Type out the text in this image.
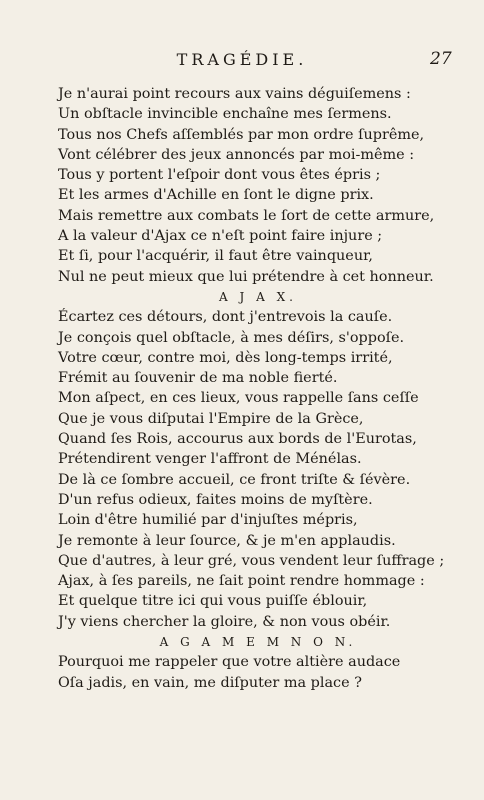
TRAGÉDIE.	27
Je n'aurai point recours aux vains déguiſemens :
Un obſtacle invincible enchaîne mes ſermens.
Tous nos Chefs aſſemblés par mon ordre ſuprême,
Vont célébrer des jeux annoncés par moi-même :
Tous y portent l'eſpoir dont vous êtes épris ;
Et les armes d'Achille en ſont le digne prix.
Mais remettre aux combats le ſort de cette armure,
A la valeur d'Ajax ce n'eſt point faire injure ;
Et ſi, pour l'acquérir, il faut être vainqueur,
Nul ne peut mieux que lui prétendre à cet honneur.
A J A X.
Écartez ces détours, dont j'entrevois la cauſe.
Je conçois quel obſtacle, à mes déſirs, s'oppoſe.
Votre cœur, contre moi, dès long-temps irrité,
Frémit au ſouvenir de ma noble fierté.
Mon aſpect, en ces lieux, vous rappelle ſans ceſſe
Que je vous diſputai l'Empire de la Grèce,
Quand ſes Rois, accourus aux bords de l'Eurotas,
Prétendirent venger l'affront de Ménélas.
De là ce ſombre accueil, ce front triſte & ſévère.
D'un refus odieux, faites moins de myſtère.
Loin d'être humilié par d'injuſtes mépris,
Je remonte à leur ſource, & je m'en applaudis.
Que d'autres, à leur gré, vous vendent leur ſuffrage ;
Ajax, à ſes pareils, ne ſait point rendre hommage :
Et quelque titre ici qui vous puiſſe éblouir,
J'y viens chercher la gloire, & non vous obéir.
A G A M E M N O N.
Pourquoi me rappeler que votre altière audace
Oſa jadis, en vain, me diſputer ma place ?
